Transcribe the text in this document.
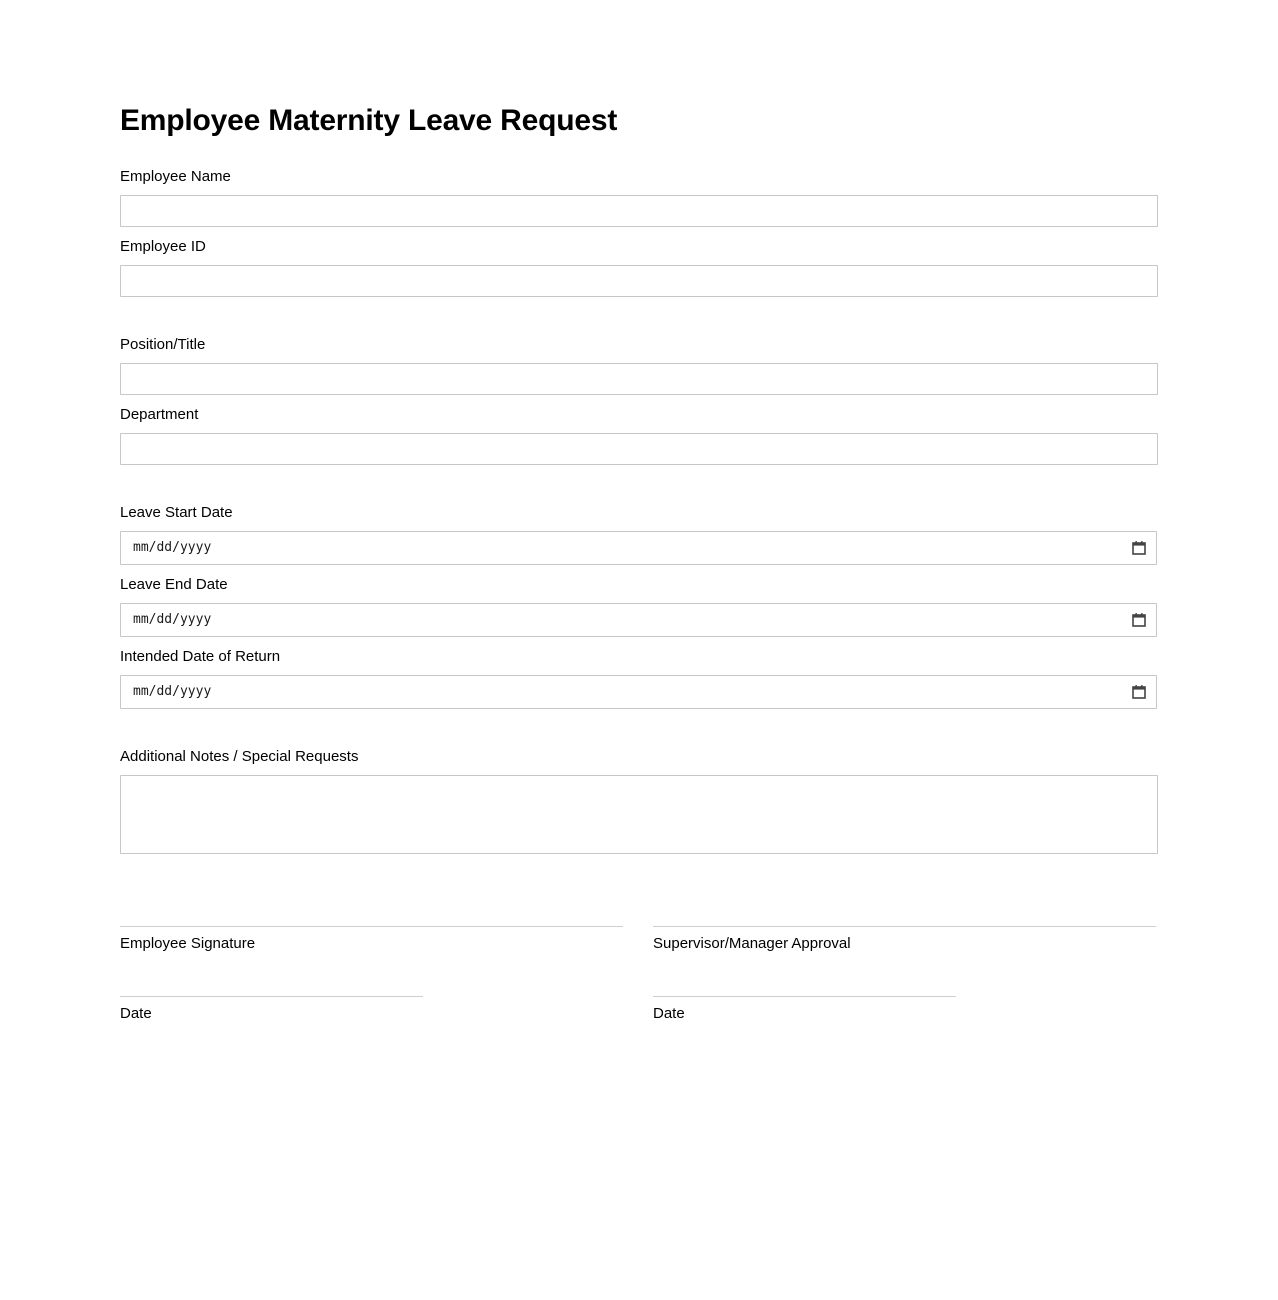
Employee Maternity Leave Request
Employee Name
Employee ID
Position/Title
Department
Leave Start Date
mm/dd/yyyy
Leave End Date
mm/dd/yyyy
Intended Date of Return
mm/dd/yyyy
Additional Notes / Special Requests
Employee Signature
Date
Supervisor/Manager Approval
Date
